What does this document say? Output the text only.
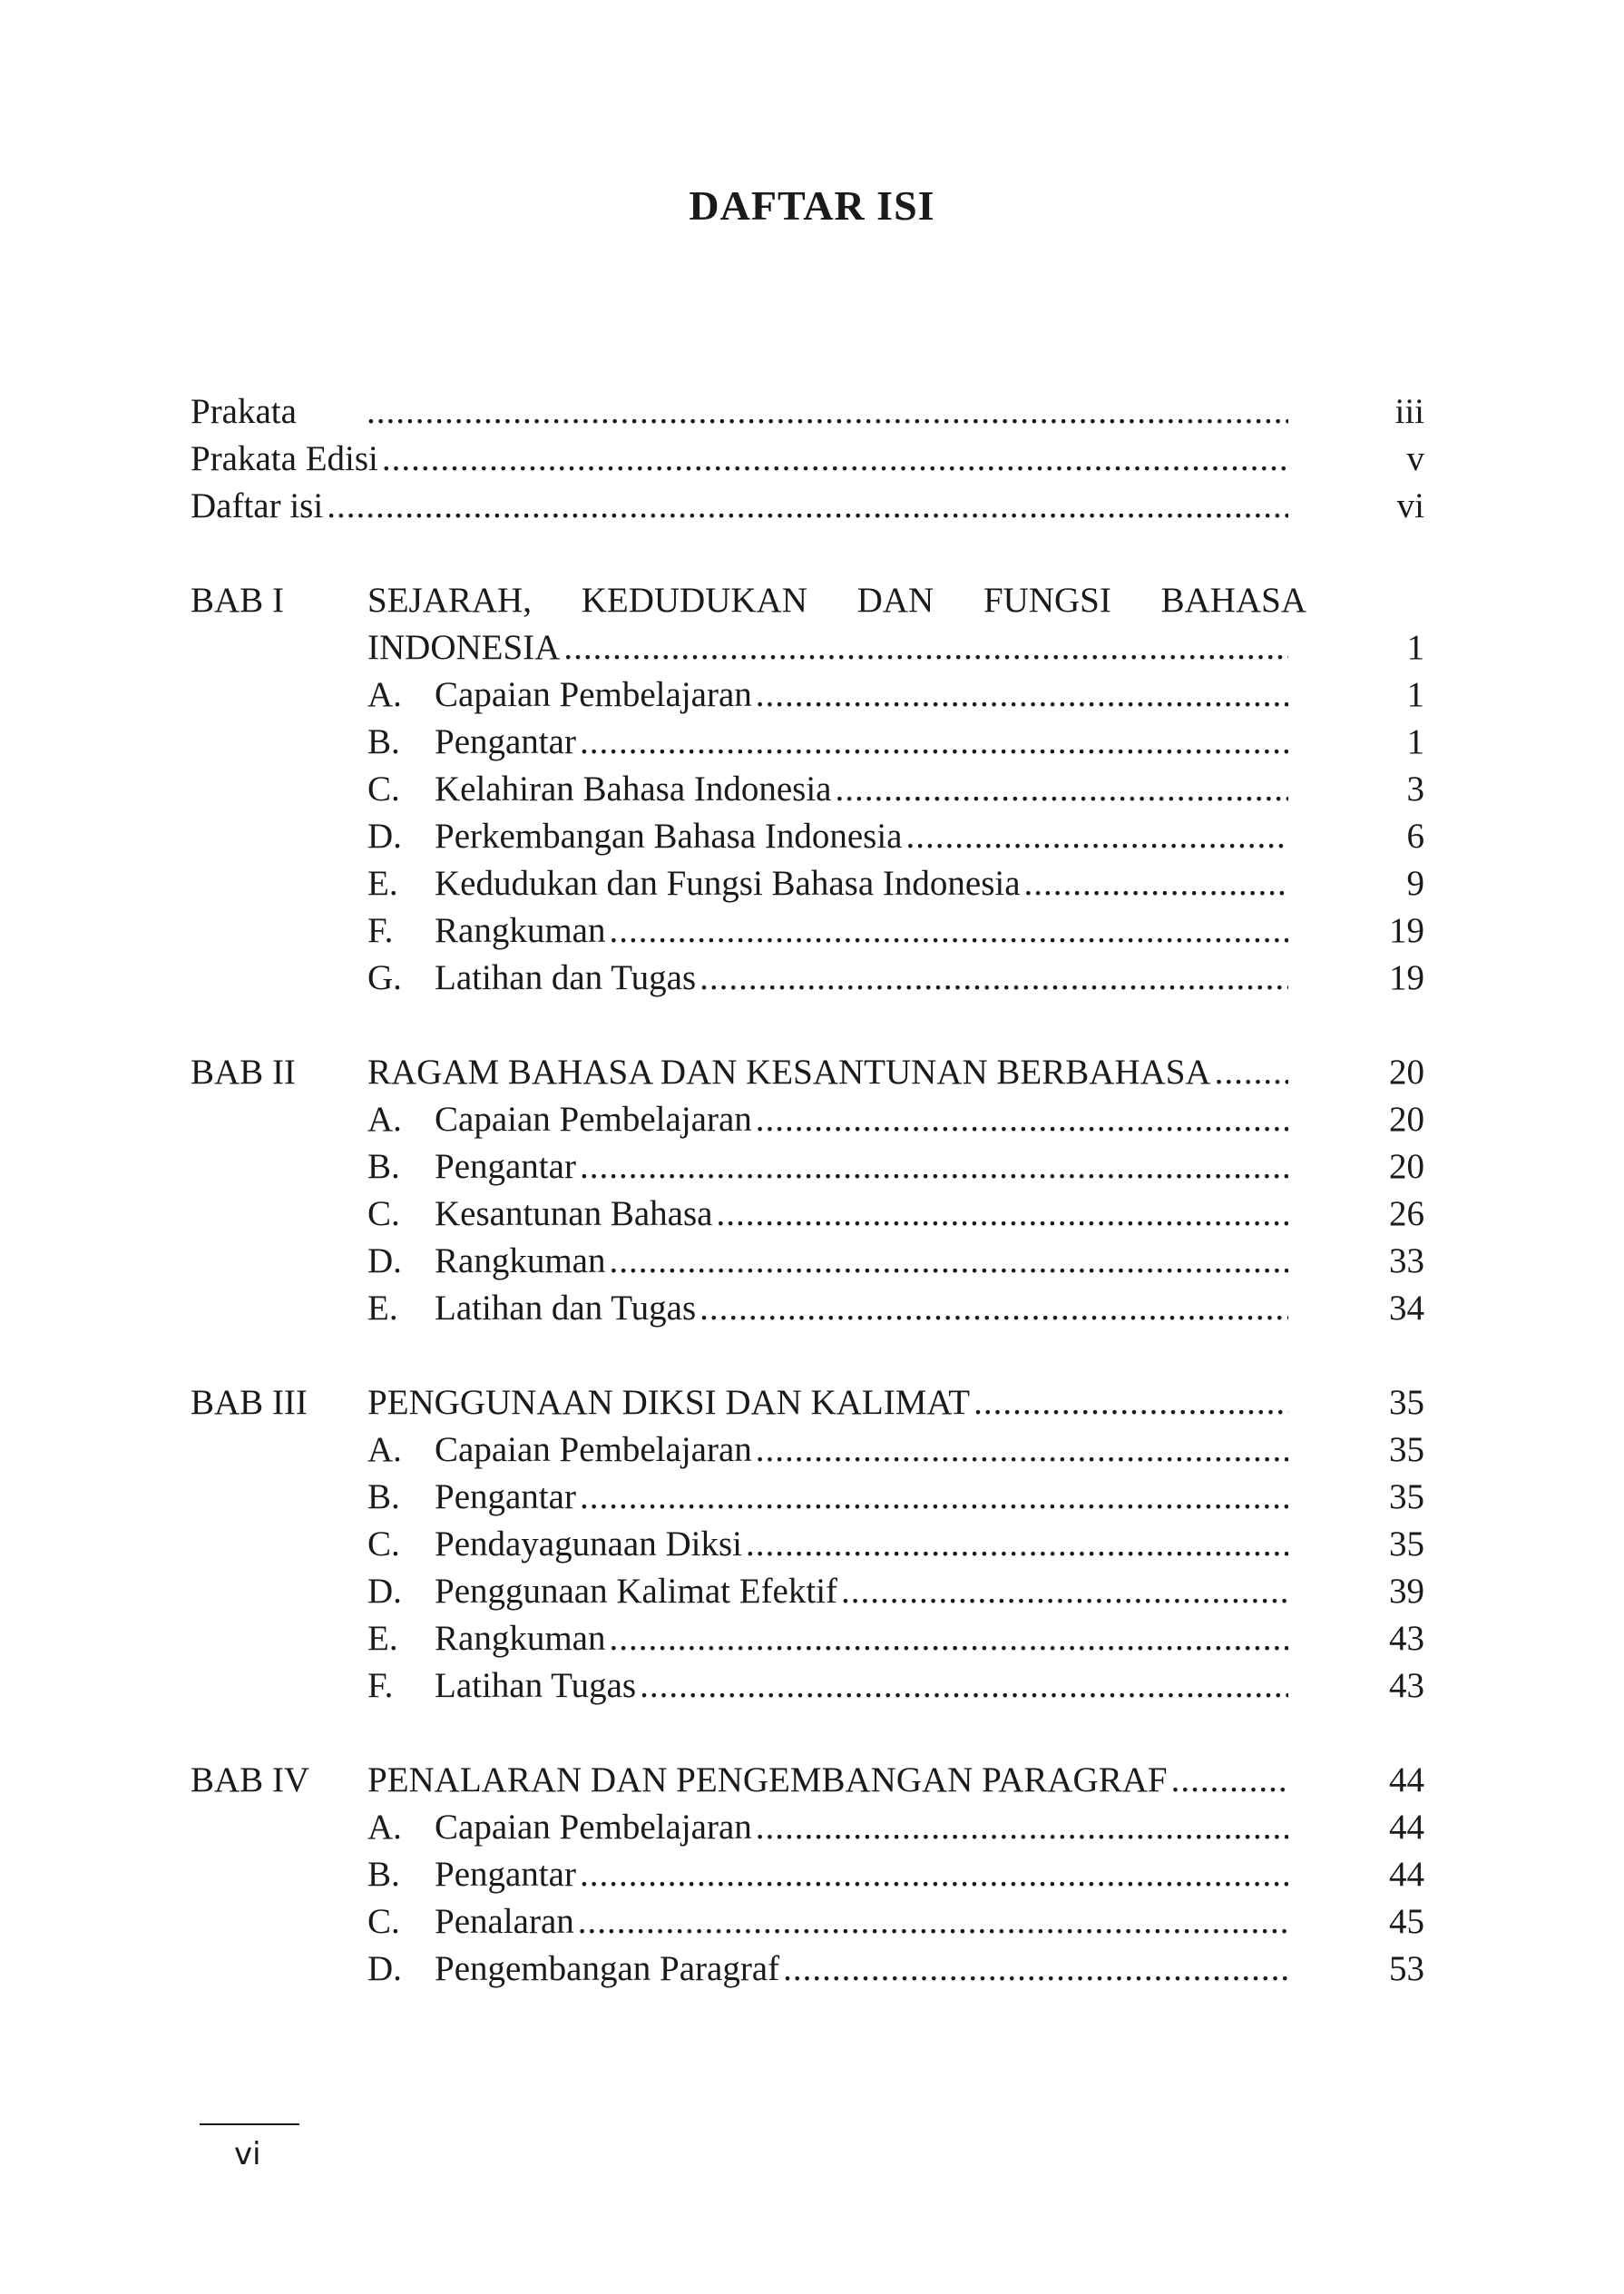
DAFTAR ISI
Prakata .....	iii
Prakata Edisi .....	v
Daftar isi .....	vi
BAB I SEJARAH, KEDUDUKAN DAN FUNGSI BAHASA
INDONESIA .....	1
A. Capaian Pembelajaran .....	1
B. Pengantar .....	1
C. Kelahiran Bahasa Indonesia .....	3
D. Perkembangan Bahasa Indonesia .....	6
E.	Kedudukan dan Fungsi Bahasa Indonesia .....	9
F.	Rangkuman .....	19
G. Latihan dan Tugas .....	19
BAB II RAGAM BAHASA DAN KESANTUNAN BERBAHASA .....	20
A. Capaian Pembelajaran .....	20
B. Pengantar .....	20
C. Kesantunan Bahasa .....	26
D. Rangkuman .....	33
E.	Latihan dan Tugas .....	34
BAB III PENGGUNAAN DIKSI DAN KALIMAT .....	35
A. Capaian Pembelajaran .....	35
B. Pengantar .....	35
C. Pendayagunaan Diksi .....	35
D. Penggunaan Kalimat Efektif .....	39
E.	Rangkuman .....	43
F.	Latihan Tugas .....	43
BAB IV PENALARAN DAN PENGEMBANGAN PARAGRAF .....	44
A. Capaian Pembelajaran .....	44
B. Pengantar .....	44
C. Penalaran .....	45
D. Pengembangan Paragraf .....	53
vi
